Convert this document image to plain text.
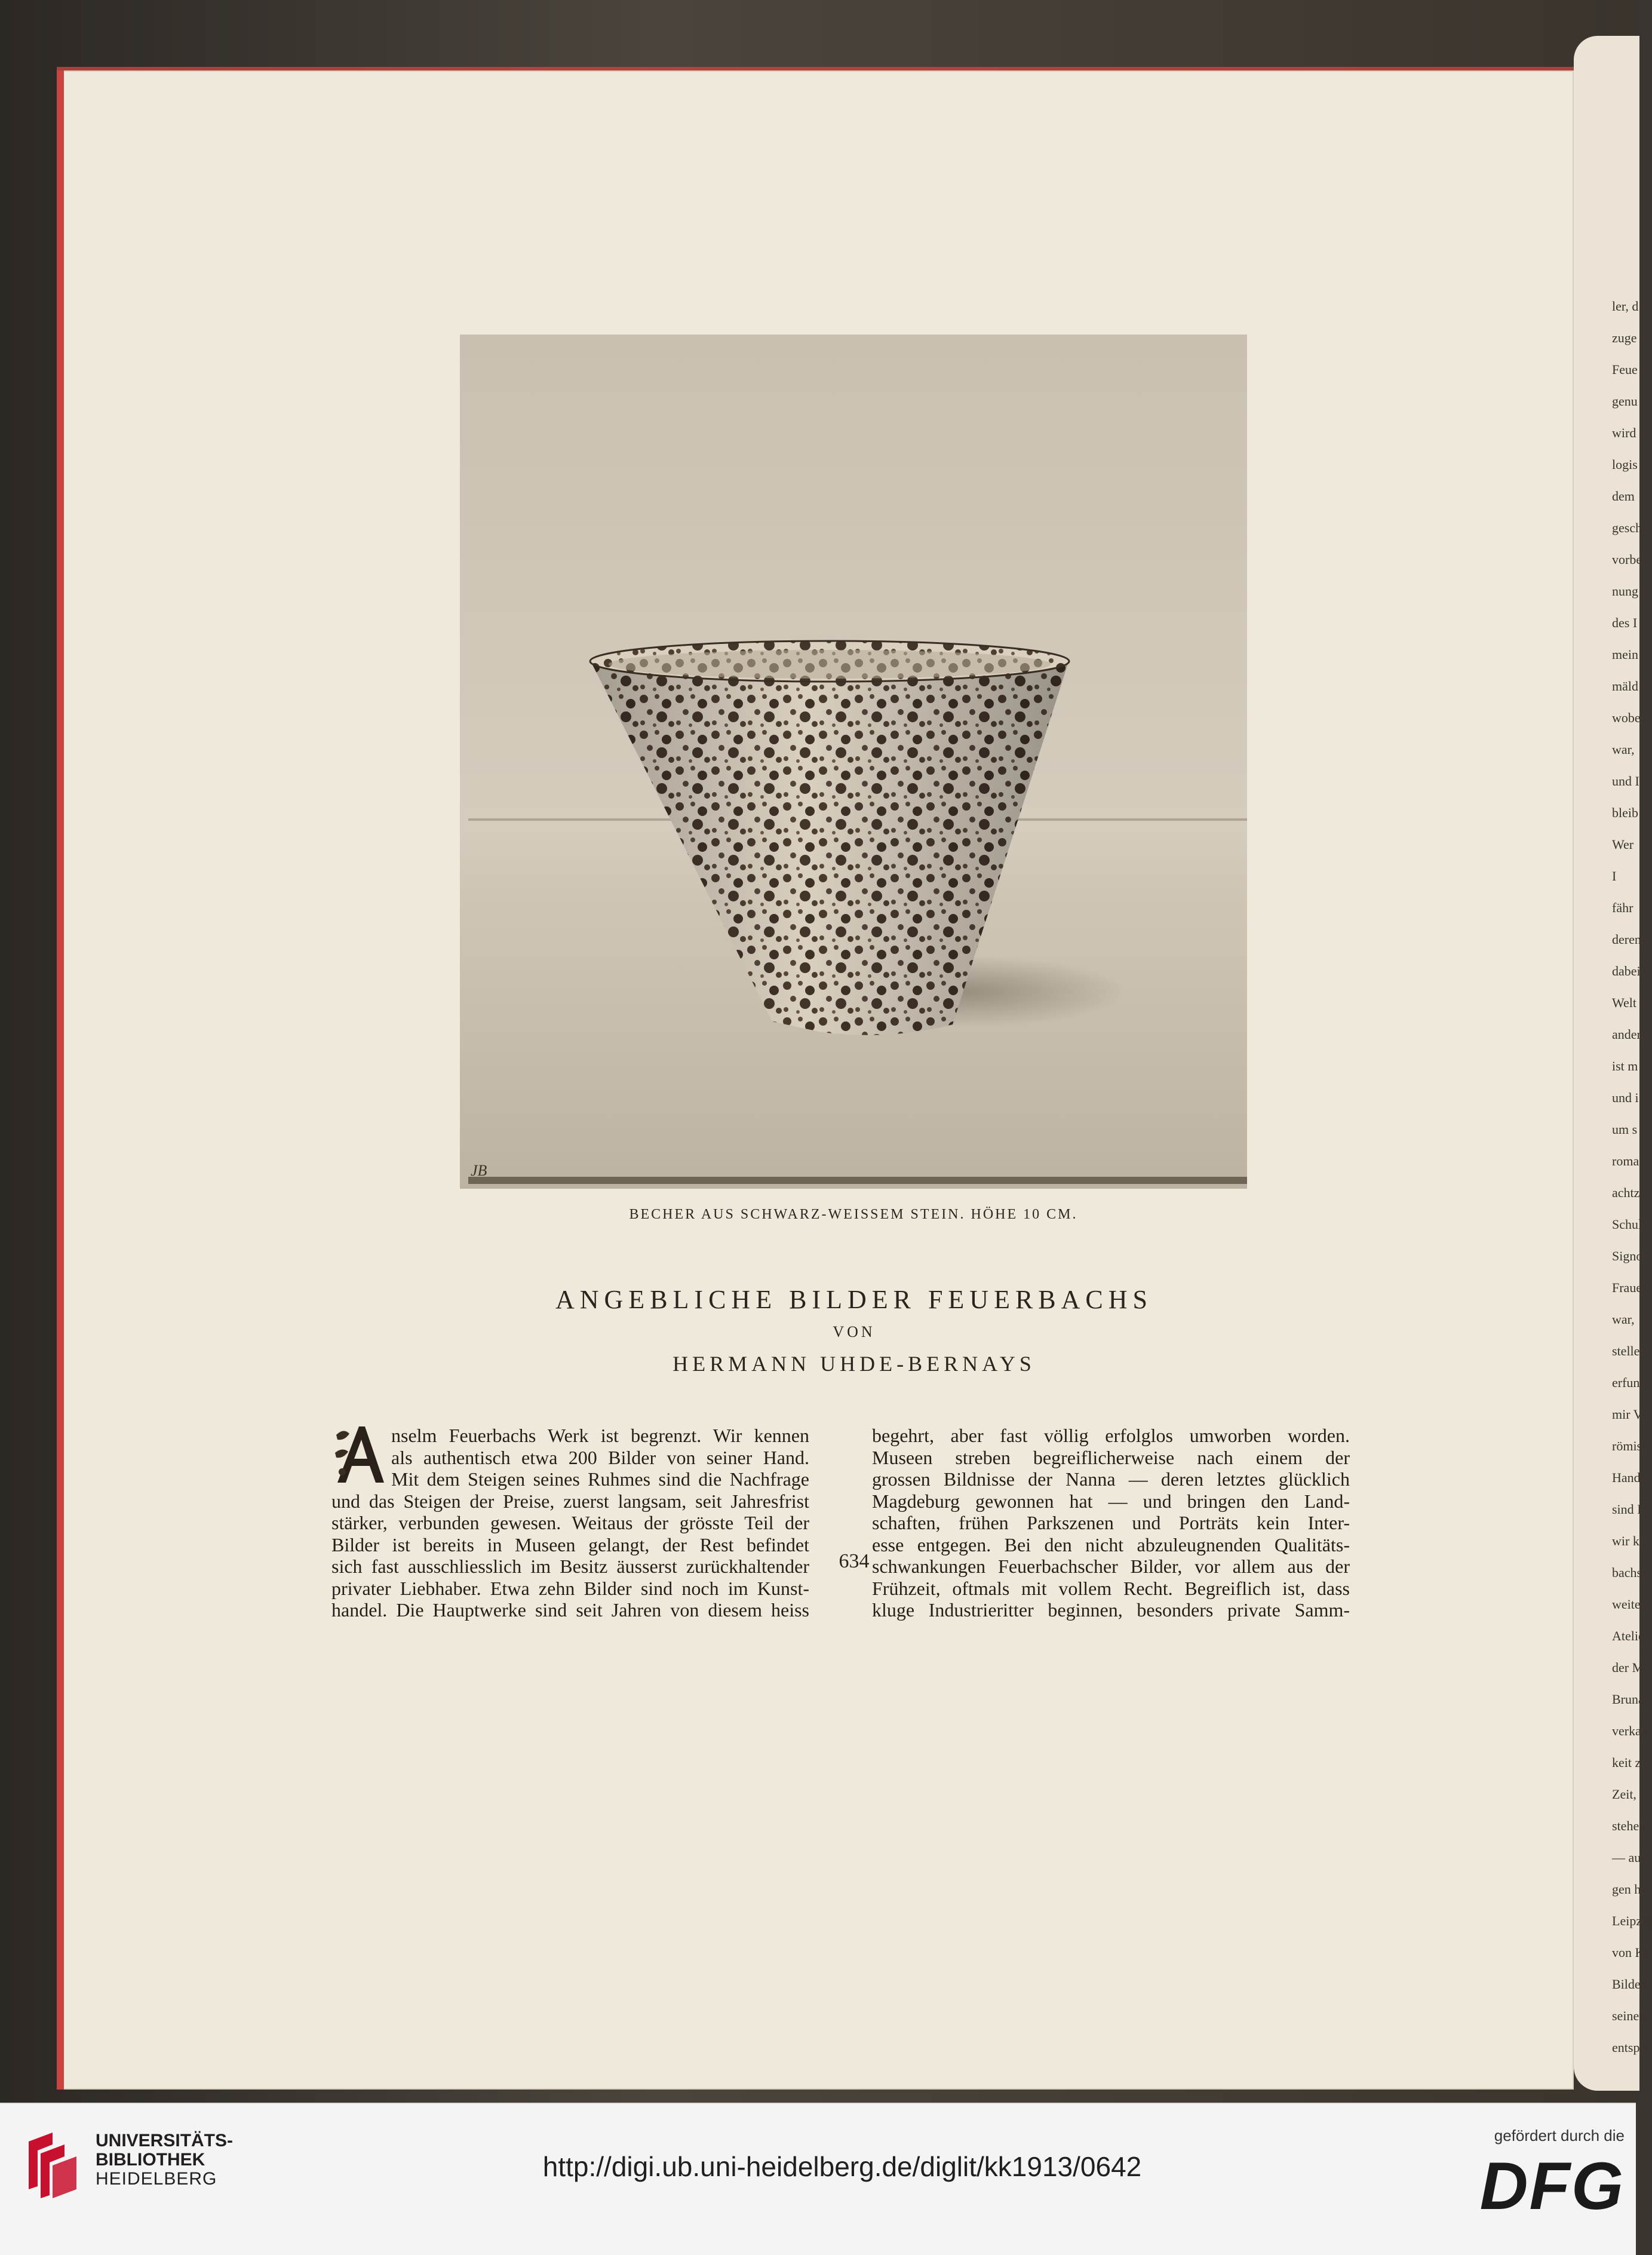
ler, d
zuge
Feue
genu
wird
logis
dem
gesch
vorbe
nung
des I
mein
mäld
wobe
war,
und I
bleib
Wer
I
fähr
deren
dabei
Welt
ander
ist m
und i
um s
roma
achtz
Schul
Signo
Fraue
war,
stelle
erfun
mir V
römis
Hand
sind I
wir k
bachs
weiter
Atelie
der M
Bruna
verkau
keit z
Zeit,
stehen
— auc
gen he
Leipzig
von Ke
Bildes
seinen
entspri
JB
BECHER AUS SCHWARZ-WEISSEM STEIN. HÖHE 10 CM.
ANGEBLICHE BILDER FEUERBACHS
VON
HERMANN UHDE-BERNAYS
nselm Feuerbachs Werk ist begrenzt. Wir kennen
als authentisch etwa 200 Bilder von seiner Hand.
Mit dem Steigen seines Ruhmes sind die Nachfrage
und das Steigen der Preise, zuerst langsam, seit Jahresfrist
stärker, verbunden gewesen. Weitaus der grösste Teil der
Bilder ist bereits in Museen gelangt, der Rest befindet
sich fast ausschliesslich im Besitz äusserst zurückhaltender
privater Liebhaber. Etwa zehn Bilder sind noch im Kunst-
handel. Die Hauptwerke sind seit Jahren von diesem heiss
begehrt, aber fast völlig erfolglos umworben worden.
Museen streben begreiflicherweise nach einem der
grossen Bildnisse der Nanna — deren letztes glücklich
Magdeburg gewonnen hat — und bringen den Land-
schaften, frühen Parkszenen und Porträts kein Inter-
esse entgegen. Bei den nicht abzuleugnenden Qualitäts-
schwankungen Feuerbachscher Bilder, vor allem aus der
Frühzeit, oftmals mit vollem Recht. Begreiflich ist, dass
kluge Industrieritter beginnen, besonders private Samm-
634
UNIVERSITÄTS-
BIBLIOTHEK
HEIDELBERG	http://digi.ub.uni-heidelberg.de/diglit/kk1913/0642
gefördert durch die
DFG
